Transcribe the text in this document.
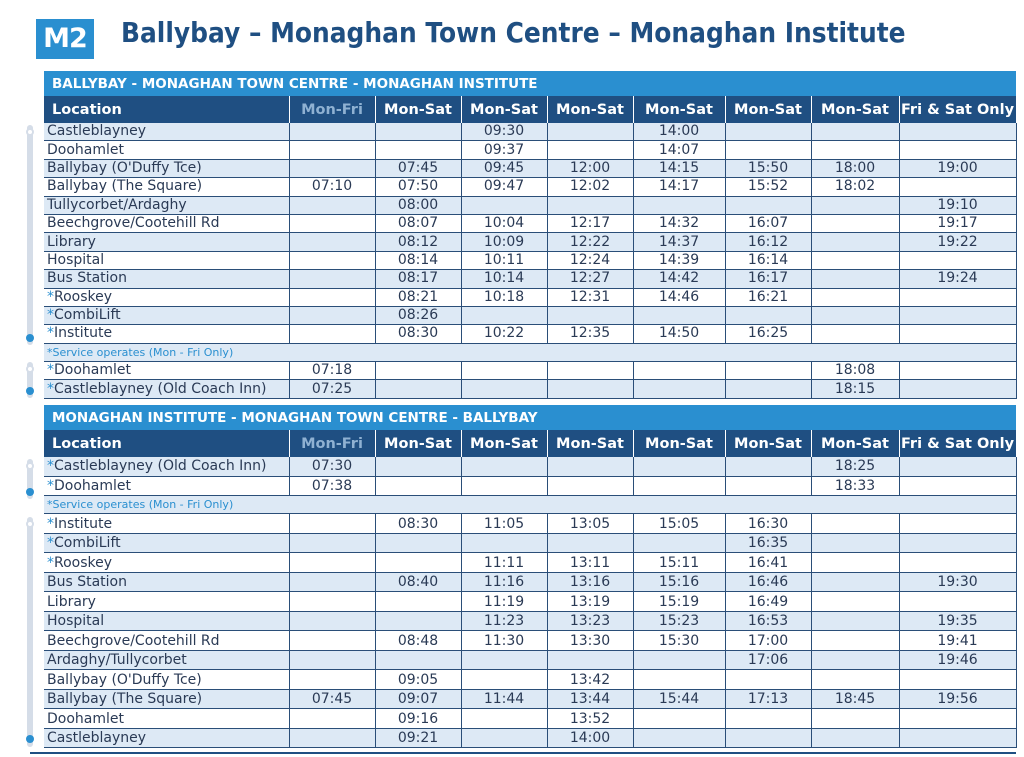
M2 Ballybay – Monaghan Town Centre – Monaghan Institute
BALLYBAY - MONAGHAN TOWN CENTRE - MONAGHAN INSTITUTE
Location	Mon-Fri	Mon-Sat	Mon-Sat	Mon-Sat	Mon-Sat	Mon-Sat	Mon-Sat	Fri & Sat Only
Castleblayney			09:30		14:00			
Doohamlet			09:37		14:07			
Ballybay (O'Duffy Tce)		07:45	09:45	12:00	14:15	15:50	18:00	19:00
Ballybay (The Square)	07:10	07:50	09:47	12:02	14:17	15:52	18:02	
Tullycorbet/Ardaghy		08:00						19:10
Beechgrove/Cootehill Rd		08:07	10:04	12:17	14:32	16:07		19:17
Library		08:12	10:09	12:22	14:37	16:12		19:22
Hospital		08:14	10:11	12:24	14:39	16:14		
Bus Station		08:17	10:14	12:27	14:42	16:17		19:24
*Rooskey		08:21	10:18	12:31	14:46	16:21		
*CombiLift		08:26						
*Institute		08:30	10:22	12:35	14:50	16:25		
*Service operates (Mon - Fri Only)								
*Doohamlet	07:18						18:08	
*Castleblayney (Old Coach Inn)	07:25						18:15	
MONAGHAN INSTITUTE - MONAGHAN TOWN CENTRE - BALLYBAY
Location	Mon-Fri	Mon-Sat	Mon-Sat	Mon-Sat	Mon-Sat	Mon-Sat	Mon-Sat	Fri & Sat Only
*Castleblayney (Old Coach Inn)	07:30						18:25	
*Doohamlet	07:38						18:33	
*Service operates (Mon - Fri Only)								
*Institute		08:30	11:05	13:05	15:05	16:30		
*CombiLift						16:35		
*Rooskey			11:11	13:11	15:11	16:41		
Bus Station		08:40	11:16	13:16	15:16	16:46		19:30
Library			11:19	13:19	15:19	16:49		
Hospital			11:23	13:23	15:23	16:53		19:35
Beechgrove/Cootehill Rd		08:48	11:30	13:30	15:30	17:00		19:41
Ardaghy/Tullycorbet						17:06		19:46
Ballybay (O'Duffy Tce)		09:05		13:42				
Ballybay (The Square)	07:45	09:07	11:44	13:44	15:44	17:13	18:45	19:56
Doohamlet		09:16		13:52				
Castleblayney		09:21		14:00				
